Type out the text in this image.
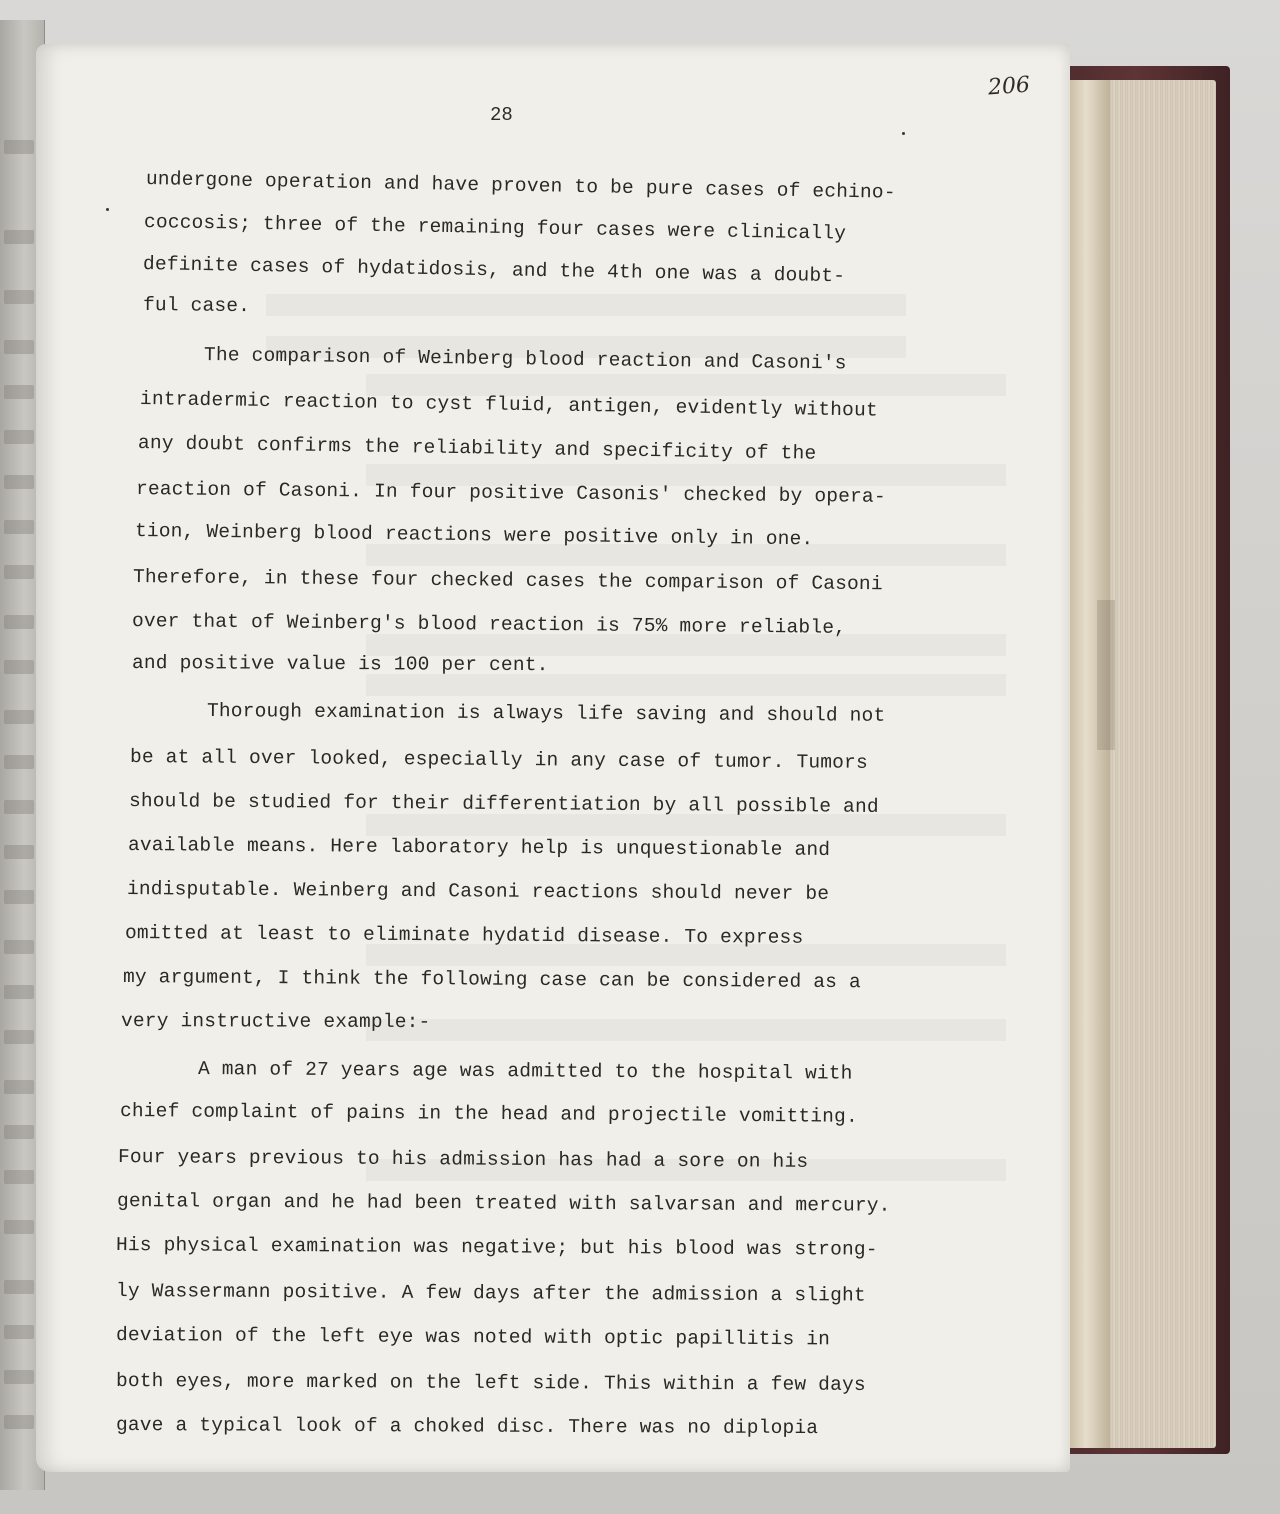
206
28
undergone operation and have proven to be pure cases of echino-
coccosis; three of the remaining four cases were clinically
definite cases of hydatidosis, and the 4th one was a doubt-
ful case.
The comparison of Weinberg blood reaction and Casoni's
intradermic reaction to cyst fluid, antigen, evidently without
any doubt confirms the reliability and specificity of the
reaction of Casoni. In four positive Casonis' checked by opera-
tion, Weinberg blood reactions were positive only in one.
Therefore, in these four checked cases the comparison of Casoni
over that of Weinberg's blood reaction is 75% more reliable,
and positive value is 100 per cent.
Thorough examination is always life saving and should not
be at all over looked, especially in any case of tumor. Tumors
should be studied for their differentiation by all possible and
available means. Here laboratory help is unquestionable and
indisputable. Weinberg and Casoni reactions should never be
omitted at least to eliminate hydatid disease. To express
my argument, I think the following case can be considered as a
very instructive example:-
A man of 27 years age was admitted to the hospital with
chief complaint of pains in the head and projectile vomitting.
Four years previous to his admission has had a sore on his
genital organ and he had been treated with salvarsan and mercury.
His physical examination was negative; but his blood was strong-
ly Wassermann positive. A few days after the admission a slight
deviation of the left eye was noted with optic papillitis in
both eyes, more marked on the left side. This within a few days
gave a typical look of a choked disc. There was no diplopia
